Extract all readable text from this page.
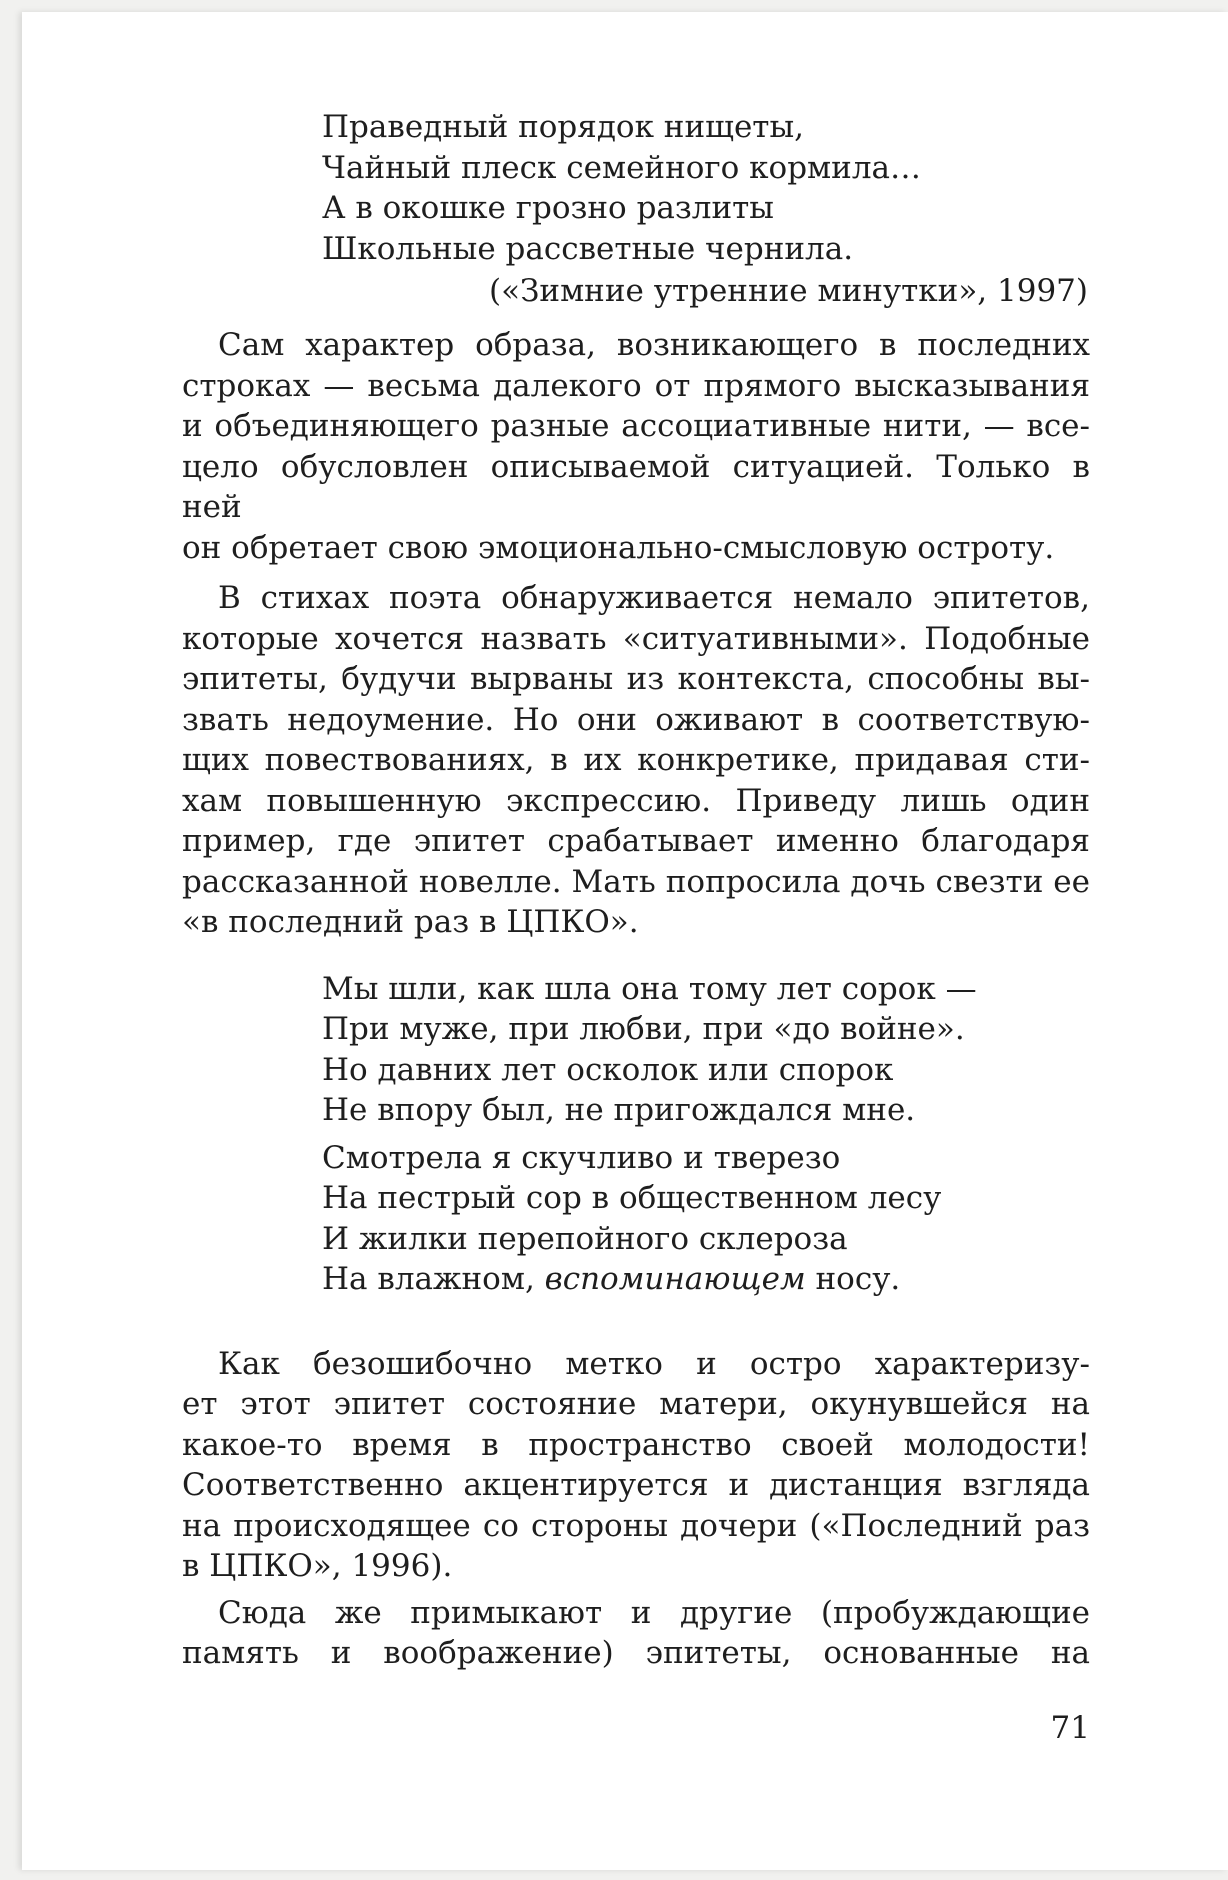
Праведный порядок нищеты,
Чайный плеск семейного кормила…
А в окошке грозно разлиты
Школьные рассветные чернила.
(«Зимние утренние минутки», 1997)

Сам характер образа, возникающего в последних
строках — весьма далекого от прямого высказывания
и объединяющего разные ассоциативные нити, — все-
цело обусловлен описываемой ситуацией. Только в ней
он обретает свою эмоционально-смысловую остроту.

В стихах поэта обнаруживается немало эпитетов,
которые хочется назвать «ситуативными». Подобные
эпитеты, будучи вырваны из контекста, способны вы-
звать недоумение. Но они оживают в соответствую-
щих повествованиях, в их конкретике, придавая сти-
хам повышенную экспрессию. Приведу лишь один
пример, где эпитет срабатывает именно благодаря
рассказанной новелле. Мать попросила дочь свезти ее
«в последний раз в ЦПКО».

Мы шли, как шла она тому лет сорок —
При муже, при любви, при «до войне».
Но давних лет осколок или спорок
Не впору был, не пригождался мне.
Смотрела я скучливо и тверезо
На пестрый сор в общественном лесу
И жилки перепойного склероза
На влажном, вспоминающем носу.

Как безошибочно метко и остро характеризу-
ет этот эпитет состояние матери, окунувшейся на
какое-то время в пространство своей молодости!
Соответственно акцентируется и дистанция взгляда
на происходящее со стороны дочери («Последний раз
в ЦПКО», 1996).

Сюда же примыкают и другие (пробуждающие
память и воображение) эпитеты, основанные на

71
